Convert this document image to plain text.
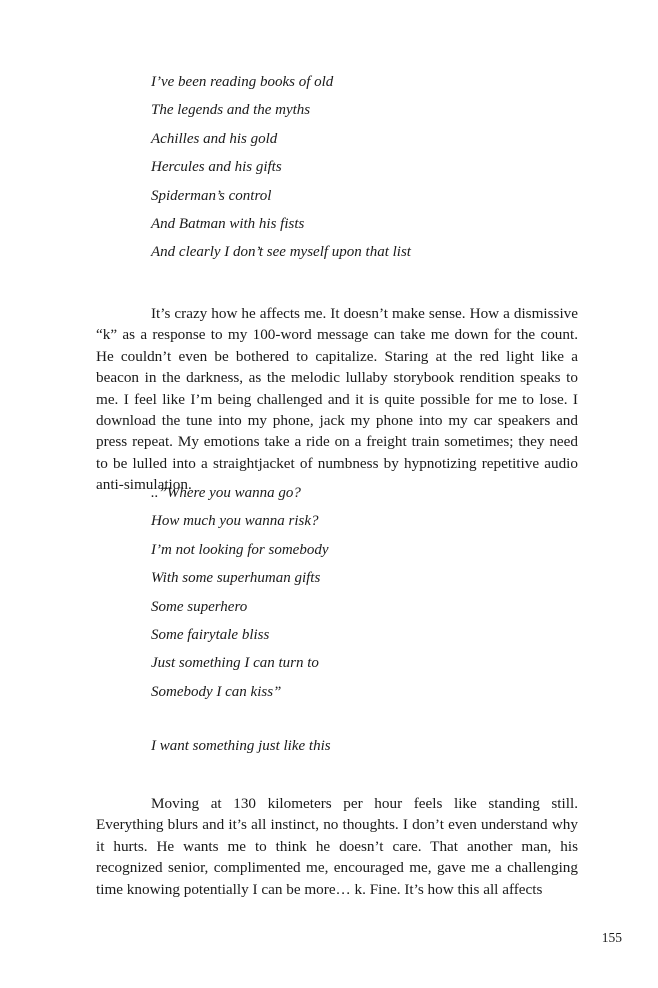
I’ve been reading books of old
The legends and the myths
Achilles and his gold
Hercules and his gifts
Spiderman’s control
And Batman with his fists
And clearly I don’t see myself upon that list

It’s crazy how he affects me. It doesn’t make sense. How a dismissive “k” as a response to my 100-word message can take me down for the count. He couldn’t even be bothered to capitalize. Staring at the red light like a beacon in the darkness, as the melodic lullaby storybook rendition speaks to me. I feel like I’m being challenged and it is quite possible for me to lose. I download the tune into my phone, jack my phone into my car speakers and press repeat. My emotions take a ride on a freight train sometimes; they need to be lulled into a straightjacket of numbness by hypnotizing repetitive audio anti-simulation.

..”Where you wanna go?
How much you wanna risk?
I’m not looking for somebody
With some superhuman gifts
Some superhero
Some fairytale bliss
Just something I can turn to
Somebody I can kiss”
I want something just like this

Moving at 130 kilometers per hour feels like standing still. Everything blurs and it’s all instinct, no thoughts. I don’t even understand why it hurts. He wants me to think he doesn’t care. That another man, his recognized senior, complimented me, encouraged me, gave me a challenging time knowing potentially I can be more… k. Fine. It’s how this all affects

155
